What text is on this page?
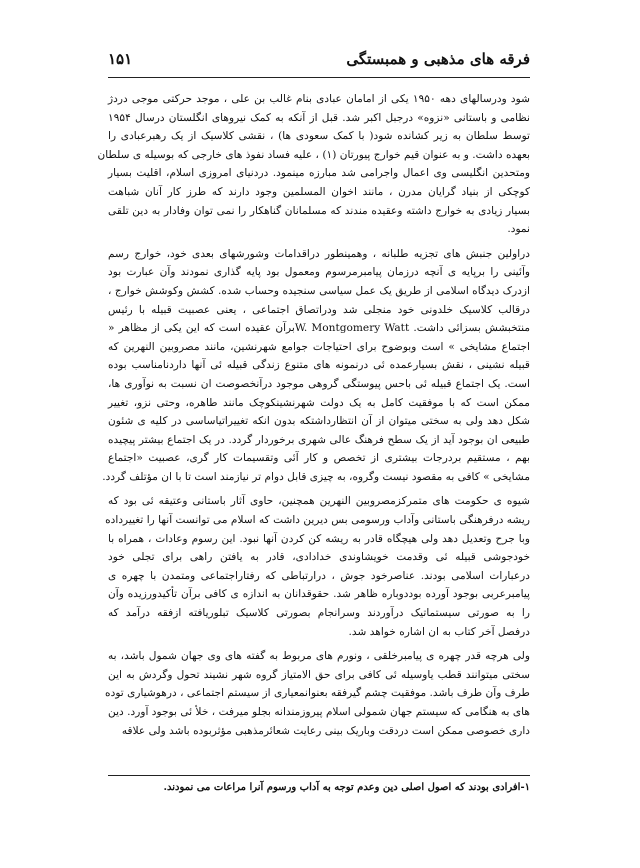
فرقه های مذهبی و همبستگی
۱۵۱
شود ودرسالهای دهه ۱۹۵۰ یکی از امامان عبادی بنام غالب بن علی ، موجد حرکتی موجی دردژ
نظامی و باستانی «نزوه» درجبل اکبر شد. قبل از آنکه به کمک نیروهای انگلستان درسال ۱۹۵۴
توسط سلطان به زیر کشانده شود( با کمک سعودی ها) ، نقشی کلاسیک از یک رهبرعبادی را
بعهده داشت. و به عنوان قیم خوارج پیورتان (۱) ، علیه فساد نفوذ های خارجی که بوسیله ی سلطان
ومتحدین انگلیسی وی اعمال واجرامی شد مبارزه مینمود. دردنیای امروزی اسلام، اقلیت بسیار
کوچکی از بنیاد گرایان مدرن ، مانند اخوان المسلمین وجود دارند که طرز کار آنان شباهت
بسیار زیادی به خوارج داشته وعقیده مندند که مسلمانان گناهکار را نمی توان وفادار به دین تلقی
نمود.
دراولین جنبش های تجزیه طلبانه ، وهمینطور دراقدامات وشورشهای بعدی خود، خوارج رسم
وآئینی را برپایه ی آنچه درزمان پیامبرمرسوم ومعمول بود پایه گذاری نمودند وآن عبارت بود
ازدرک دیدگاه اسلامی از طریق یک عمل سیاسی سنجیده وحساب شده. کشش وکوشش خوارج ،
درقالب کلاسیک خلدونی خود منجلی شد ودراتصاق اجتماعی ، یعنی عصبیت قبیله با رئیس
منتخبشش بسزائی داشت. W. Montgomery Wattبرآن عقیده است که این یکی از مظاهر «
اجتماع مشایخی » است وبوضوح برای احتیاجات جوامع شهرنشین، مانند مصروبین النهرین که
قبیله نشینی ، نقش بسیارعمده ئی درنمونه های متنوع زندگی قبیله ئی آنها داردنامناسب بوده
است. یک اجتماع قبیله ئی باحس پیوستگی گروهی موجود درآنخصوصت ان نسبت به نوآوری ها،
ممکن است که با موفقیت کامل به یک دولت شهرنشینکوچک مانند طاهره، وحتی نزو، تغییر
شکل دهد ولی به سختی میتوان از آن انتظارداشتکه بدون انکه تغییراتیاساسی در کلیه ی شئون
طبیعی ان بوجود آید از یک سطح فرهنگ عالی شهری برخوردار گردد. در یک اجتماع بیشتر پیچیده
بهم ، مستقیم بردرجات بیشتری از تخصص و کار آئی وتقسیمات کار گری، عصبیت «اجتماع
مشایخی » کافی به مقصود نیست وگروه، به چیزی قابل دوام تر نیازمند است تا با ان مؤتلف گردد.
شیوه ی حکومت های متمرکزمصروبین النهرین همچنین، حاوی آثار باستانی وعتیقه ئی بود که
ریشه درفرهنگی باستانی وآداب ورسومی بس دیرین داشت که اسلام می توانست آنها را تغییرداده
وبا جرح وتعدیل دهد ولی هیچگاه قادر به ریشه کن کردن آنها نبود. این رسوم وعادات ، همراه با
خودجوشی قبیله ئی وقدمت خویشاوندی خدادادی، قادر به یافتن راهی برای تجلی خود
درعبارات اسلامی بودند. عناصرخود جوش ، درارتباطی که رفتاراجتماعی ومتمدن با چهره ی
پیامبرعربی بوجود آورده بوددوباره ظاهر شد. حقوقدانان به اندازه ی کافی برآن تأکیدورزیده وآن
را به صورتی سیستماتیک درآوردند وسرانجام بصورتی کلاسیک تبلوریافته ازفقه درآمد که
درفصل آخر کتاب به ان اشاره خواهد شد.
ولی هرچه قدر چهره ی پیامبرخلقی ، ونورم های مربوط به گفته های وی جهان شمول باشد، به
سختی میتوانند قطب یاوسیله ئی کافی برای حق الامتیاز گروه شهر نشیند تحول وگردش به این
طرف وآن طرف باشد. موفقیت چشم گیرفقه بعنوانمعیاری از سیستم اجتماعی ، درهوشیاری توده
های به هنگامی که سیستم جهان شمولی اسلام پیروزمندانه بجلو میرفت ، خلأ ئی بوجود آورد. دین
داری خصوصی ممکن است دردقت وباریک بینی رعایت شعائرمذهبی مؤثربوده باشد ولی علاقه
۱-افرادی بودند که اصول اصلی دین وعدم توجه به آداب ورسوم آنرا مراعات می نمودند.
